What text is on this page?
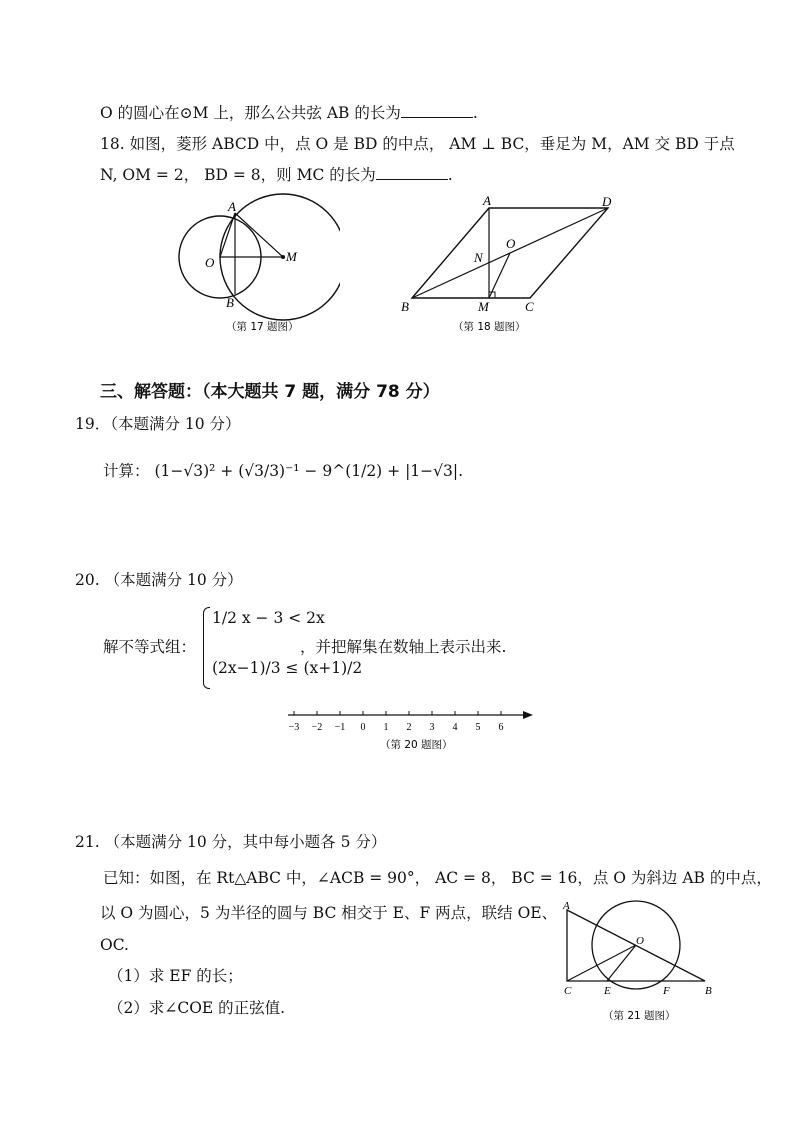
O 的圆心在⊙M 上，那么公共弦 AB 的长为	.
18. 如图，菱形 ABCD 中，点 O 是 BD 的中点， AM ⊥ BC，垂足为 M，AM 交 BD 于点
N, OM = 2， BD = 8，则 MC 的长为	.
A
O	M
B
（第 17 题图）
A	D
O
N
B	M	C
（第 18 题图）
三、解答题：（本大题共 7 题，满分 78 分）
19．（本题满分 10 分）
计算： (1−√3)² + (√3/3)⁻¹ − 9^(1/2) + |1−√3|.
20. （本题满分 10 分）
解不等式组：
1/2 x − 3 < 2x
(2x−1)/3 ≤ (x+1)/2
，并把解集在数轴上表示出来.
−3 −2 −1 0 1 2 3 4 5 6
（第 20 题图）
21. （本题满分 10 分，其中每小题各 5 分）
已知：如图，在 Rt△ABC 中，∠ACB = 90°， AC = 8， BC = 16，点 O 为斜边 AB 的中点，
以 O 为圆心，5 为半径的圆与 BC 相交于 E、F 两点，联结 OE、
OC.
（1）求 EF 的长；
（2）求∠COE 的正弦值.
A
O
C	E	F	B
（第 21 题图）
